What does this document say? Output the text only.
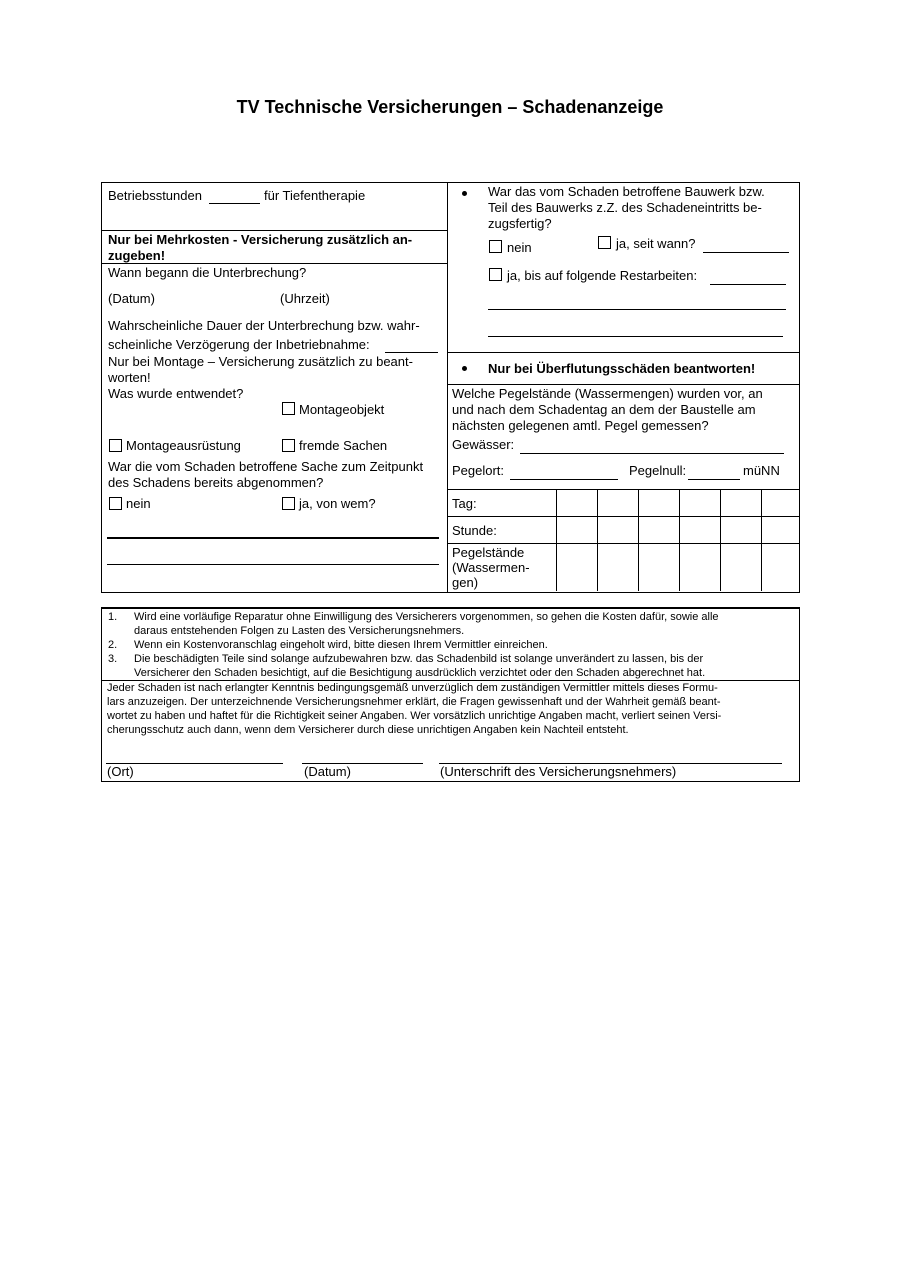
TV Technische Versicherungen – Schadenanzeige
Betriebsstunden	für Tiefentherapie
Nur bei Mehrkosten - Versicherung zusätzlich an-
zugeben!
Wann begann die Unterbrechung?
(Datum)	(Uhrzeit)
Wahrscheinliche Dauer der Unterbrechung bzw. wahr-
scheinliche Verzögerung der Inbetriebnahme:
Nur bei Montage – Versicherung zusätzlich zu beant-
worten!
Was wurde entwendet?
Montageobjekt
Montageausrüstung	fremde Sachen
War die vom Schaden betroffene Sache zum Zeitpunkt
des Schadens bereits abgenommen?
nein	ja, von wem?
War das vom Schaden betroffene Bauwerk bzw.
Teil des Bauwerks z.Z. des Schadeneintritts be-
zugsfertig?
nein	ja, seit wann?
ja, bis auf folgende Restarbeiten:
Nur bei Überflutungsschäden beantworten!
Welche Pegelstände (Wassermengen) wurden vor, an
und nach dem Schadentag an dem der Baustelle am
nächsten gelegenen amtl. Pegel gemessen?
Gewässer:
Pegelort:	Pegelnull:	müNN
Tag:
Stunde:
Pegelstände
(Wassermen-
gen)
1. Wird eine vorläufige Reparatur ohne Einwilligung des Versicherers vorgenommen, so gehen die Kosten dafür, sowie alle
daraus entstehenden Folgen zu Lasten des Versicherungsnehmers.
2. Wenn ein Kostenvoranschlag eingeholt wird, bitte diesen Ihrem Vermittler einreichen.
3. Die beschädigten Teile sind solange aufzubewahren bzw. das Schadenbild ist solange unverändert zu lassen, bis der
Versicherer den Schaden besichtigt, auf die Besichtigung ausdrücklich verzichtet oder den Schaden abgerechnet hat.
Jeder Schaden ist nach erlangter Kenntnis bedingungsgemäß unverzüglich dem zuständigen Vermittler mittels dieses Formu-
lars anzuzeigen. Der unterzeichnende Versicherungsnehmer erklärt, die Fragen gewissenhaft und der Wahrheit gemäß beant-
wortet zu haben und haftet für die Richtigkeit seiner Angaben. Wer vorsätzlich unrichtige Angaben macht, verliert seinen Versi-
cherungsschutz auch dann, wenn dem Versicherer durch diese unrichtigen Angaben kein Nachteil entsteht.
(Ort)	(Datum)	(Unterschrift des Versicherungsnehmers)
